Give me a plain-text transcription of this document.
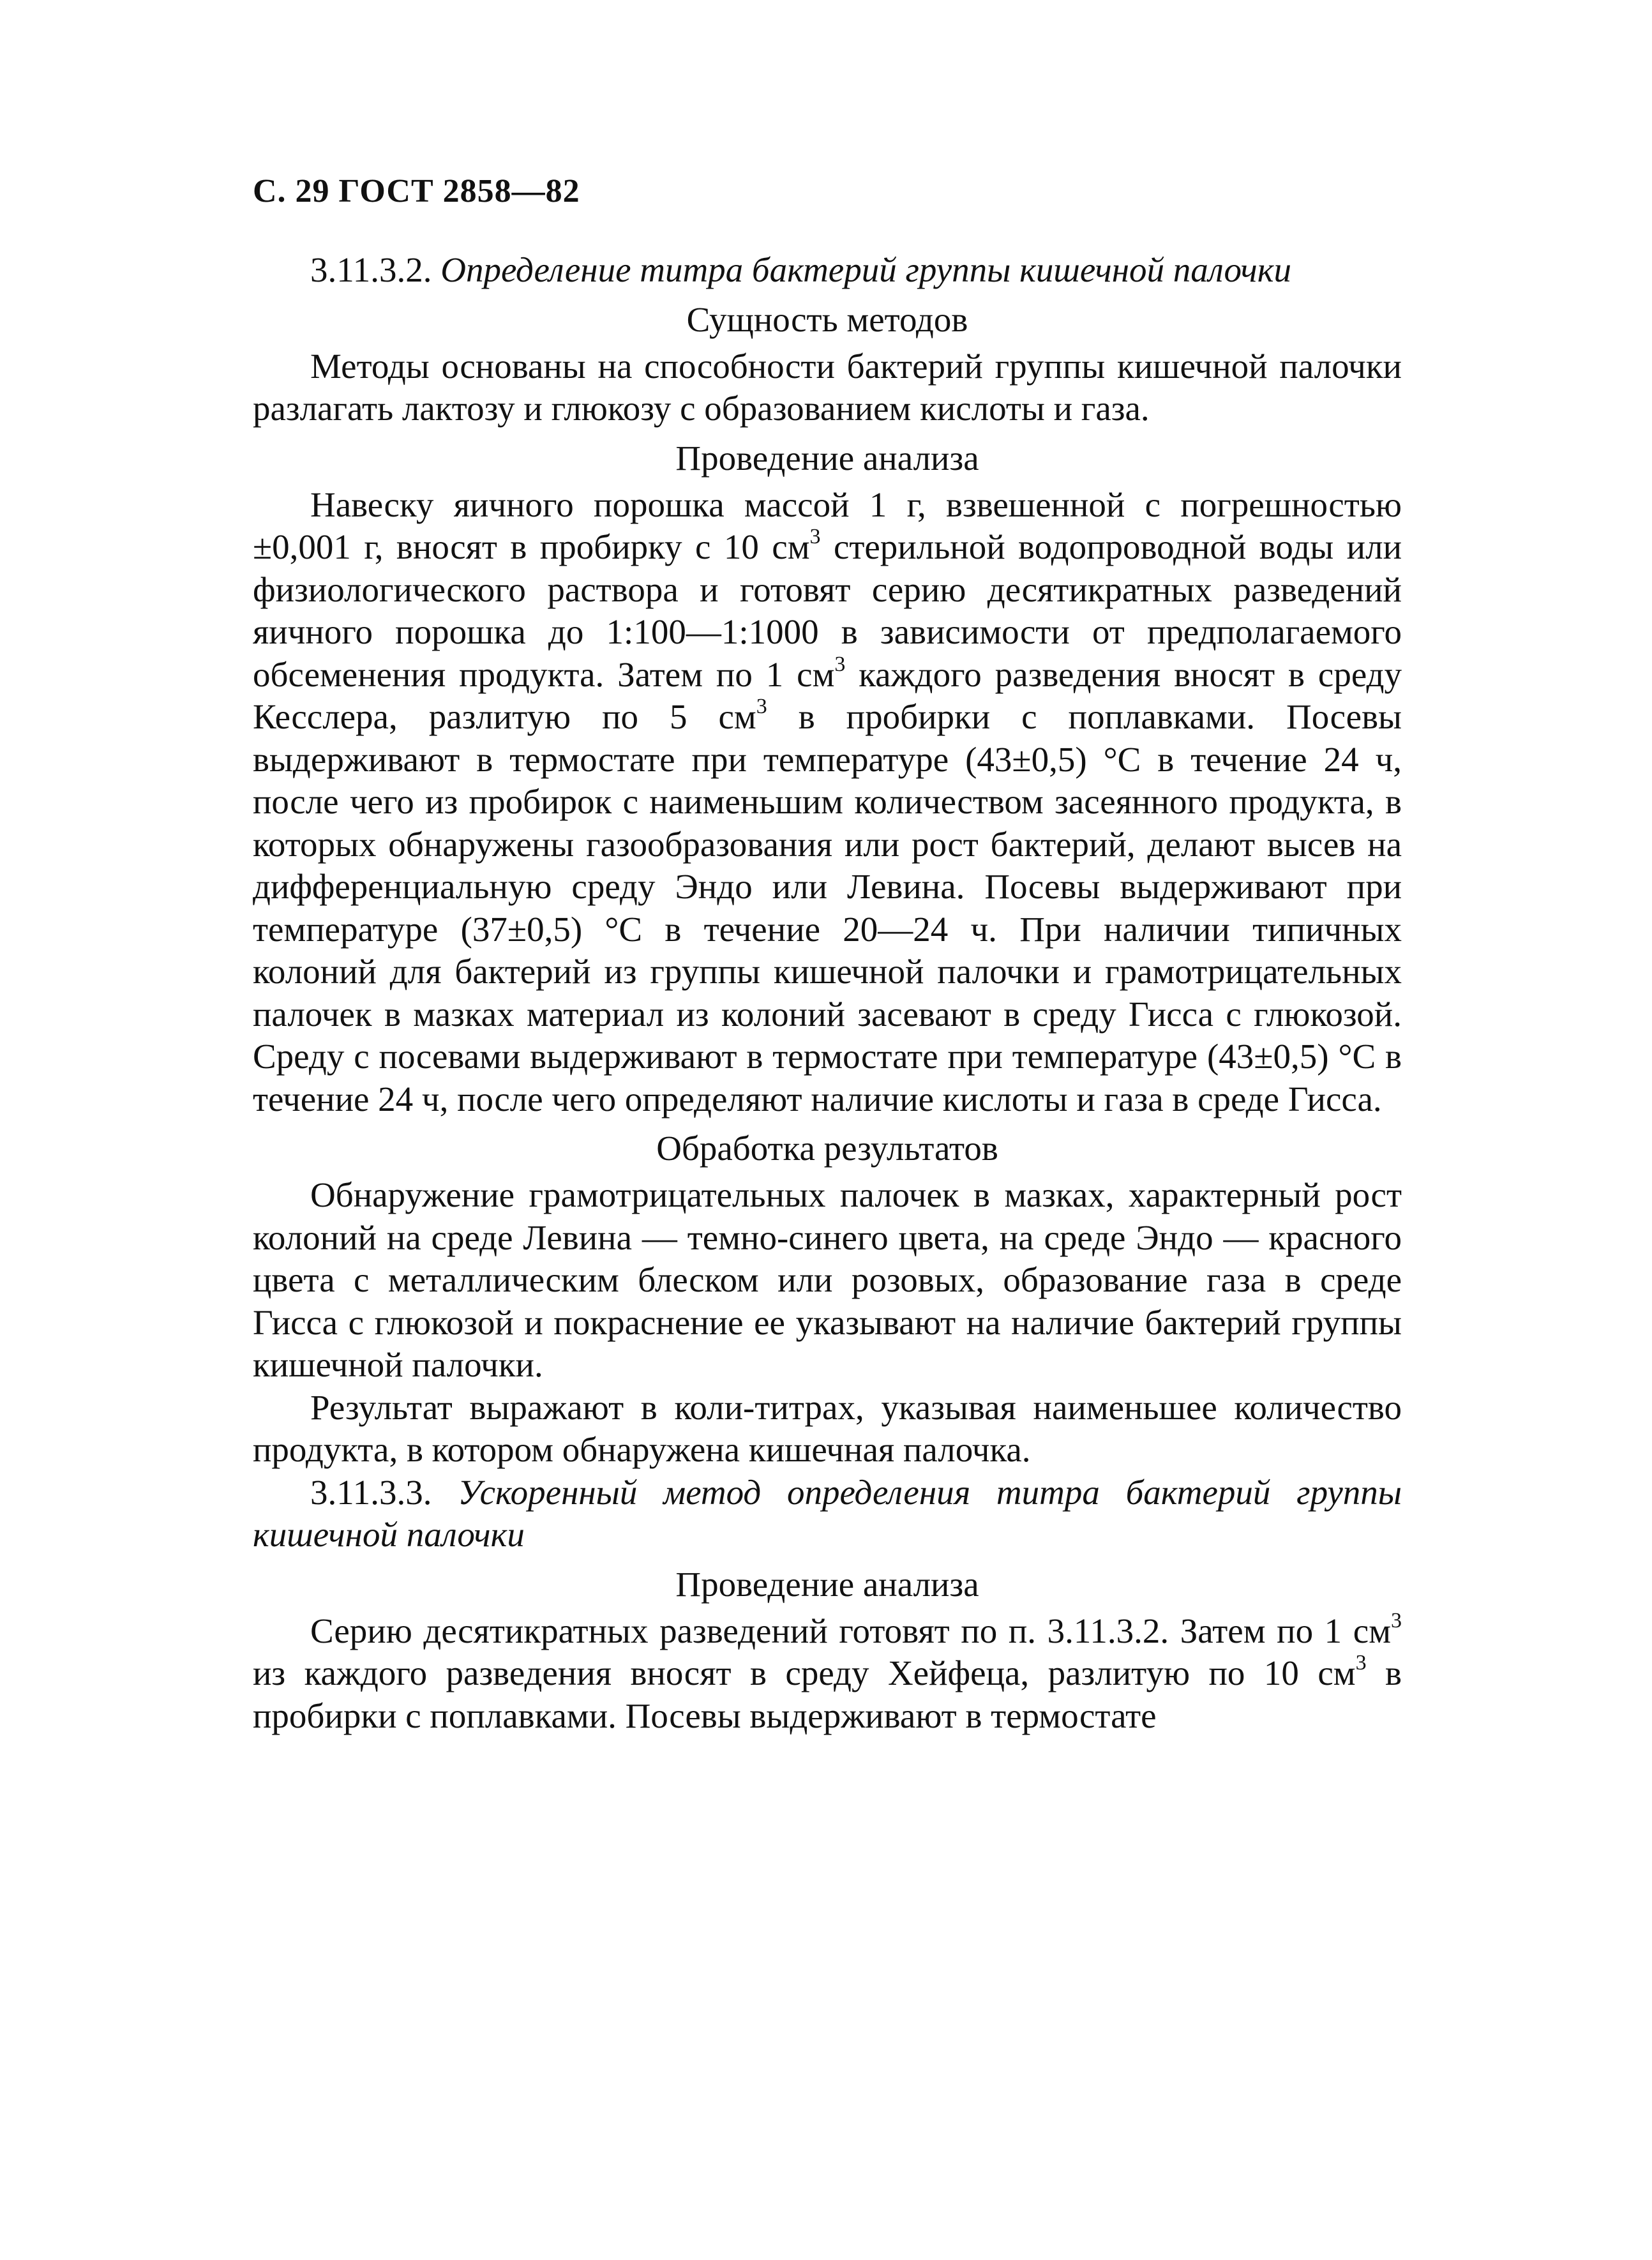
С. 29 ГОСТ 2858—82

3.11.3.2. Определение титра бактерий группы кишечной палочки

Сущность методов

Методы основаны на способности бактерий группы кишечной палочки разлагать лактозу и глюкозу с образованием кислоты и газа.

Проведение анализа

Навеску яичного порошка массой 1 г, взвешенной с погрешностью ±0,001 г, вносят в пробирку с 10 $см^3$ стерильной водопроводной воды или физиологического раствора и готовят серию десятикратных разведений яичного порошка до 1:100—1:1000 в зависимости от предполагаемого обсеменения продукта. Затем по 1 $см^3$ каждого разведения вносят в среду Кесслера, разлитую по 5 $см^3$ в пробирки с поплавками. Посевы выдерживают в термостате при температуре (43±0,5) °С в течение 24 ч, после чего из пробирок с наименьшим количеством засеянного продукта, в которых обнаружены газообразования или рост бактерий, делают высев на дифференциальную среду Эндо или Левина. Посевы выдерживают при температуре (37±0,5) °С в течение 20—24 ч. При наличии типичных колоний для бактерий из группы кишечной палочки и грамотрицательных палочек в мазках материал из колоний засевают в среду Гисса с глюкозой. Среду с посевами выдерживают в термостате при температуре (43±0,5) °С в течение 24 ч, после чего определяют наличие кислоты и газа в среде Гисса.

Обработка результатов

Обнаружение грамотрицательных палочек в мазках, характерный рост колоний на среде Левина — темно-синего цвета, на среде Эндо — красного цвета с металлическим блеском или розовых, образование газа в среде Гисса с глюкозой и покраснение ее указывают на наличие бактерий группы кишечной палочки.

Результат выражают в коли-титрах, указывая наименьшее количество продукта, в котором обнаружена кишечная палочка.

3.11.3.3. Ускоренный метод определения титра бактерий группы кишечной палочки

Проведение анализа

Серию десятикратных разведений готовят по п. 3.11.3.2. Затем по 1 $см^3$ из каждого разведения вносят в среду Хейфеца, разлитую по 10 $см^3$ в пробирки с поплавками. Посевы выдерживают в термостате
